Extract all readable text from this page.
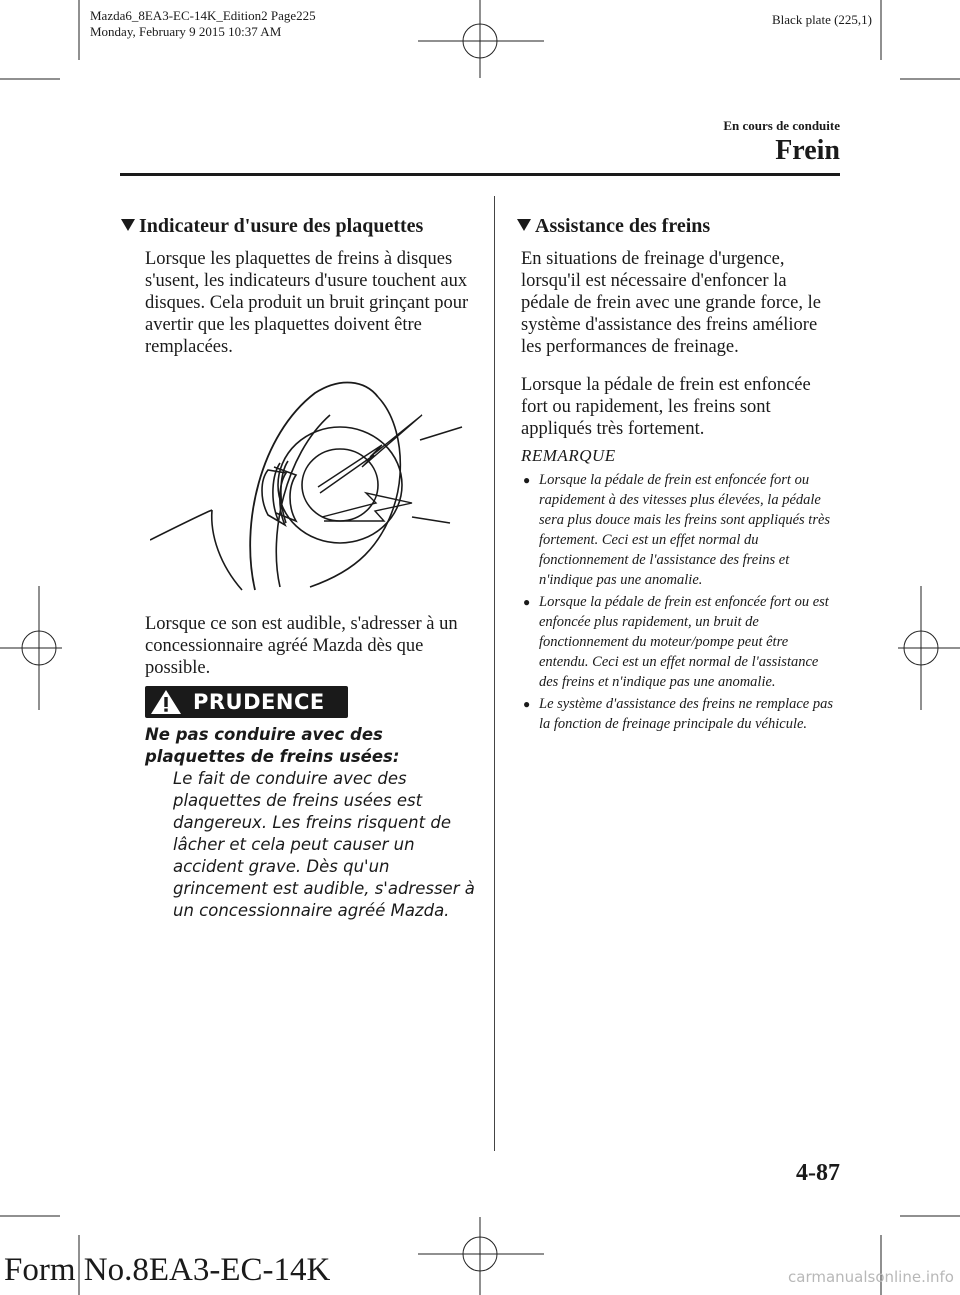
Mazda6_8EA3-EC-14K_Edition2 Page225
Monday, February 9 2015 10:37 AM
Black plate (225,1)
En cours de conduite
Frein
Indicateur d'usure des plaquettes
Lorsque les plaquettes de freins à disques s'usent, les indicateurs d'usure touchent aux disques. Cela produit un bruit grinçant pour avertir que les plaquettes doivent être remplacées.
Lorsque ce son est audible, s'adresser à un concessionnaire agréé Mazda dès que possible.
PRUDENCE
Ne pas conduire avec des plaquettes de freins usées:
Le fait de conduire avec des plaquettes de freins usées est dangereux. Les freins risquent de lâcher et cela peut causer un accident grave. Dès qu'un grincement est audible, s'adresser à un concessionnaire agréé Mazda.
Assistance des freins
En situations de freinage d'urgence, lorsqu'il est nécessaire d'enfoncer la pédale de frein avec une grande force, le système d'assistance des freins améliore les performances de freinage.
Lorsque la pédale de frein est enfoncée fort ou rapidement, les freins sont appliqués très fortement.
REMARQUE
● Lorsque la pédale de frein est enfoncée fort ou rapidement à des vitesses plus élevées, la pédale sera plus douce mais les freins sont appliqués très fortement. Ceci est un effet normal du fonctionnement de l'assistance des freins et n'indique pas une anomalie.
● Lorsque la pédale de frein est enfoncée fort ou est enfoncée plus rapidement, un bruit de fonctionnement du moteur/pompe peut être entendu. Ceci est un effet normal de l'assistance des freins et n'indique pas une anomalie.
● Le système d'assistance des freins ne remplace pas la fonction de freinage principale du véhicule.
4-87
Form No.8EA3-EC-14K	carmanualsonline.info
